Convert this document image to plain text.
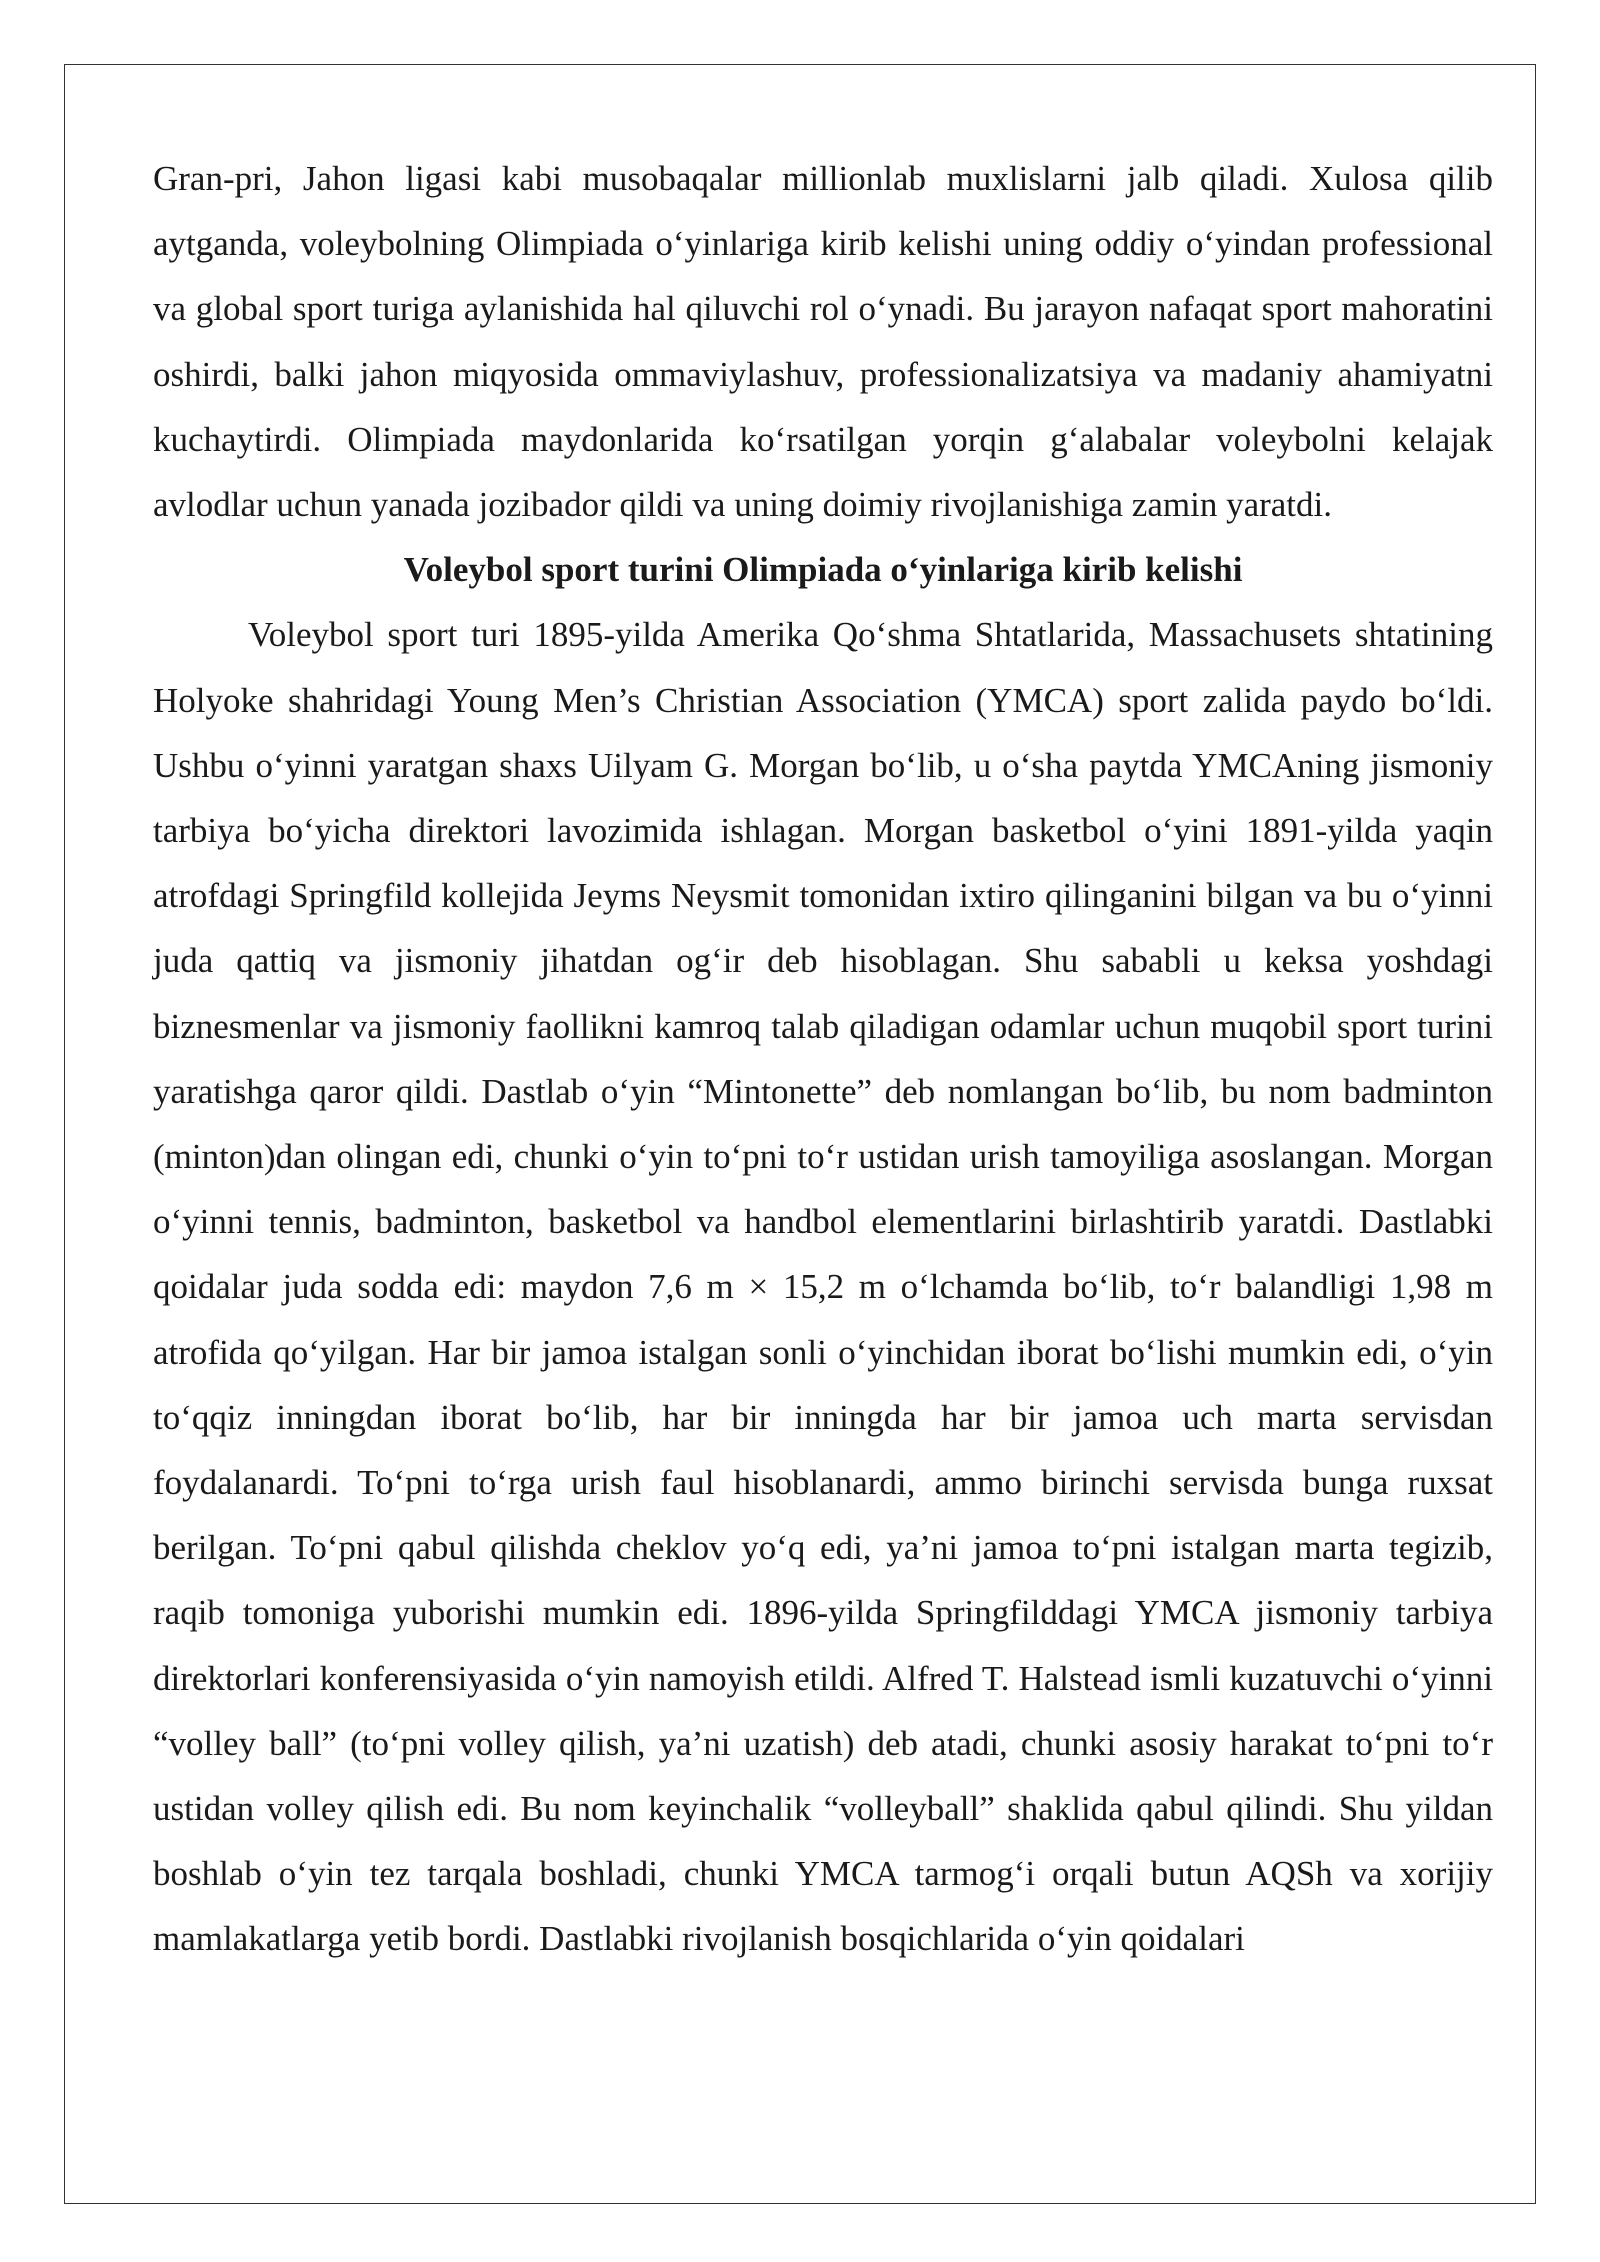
Gran-pri, Jahon ligasi kabi musobaqalar millionlab muxlislarni jalb qiladi. Xulosa qilib aytganda, voleybolning Olimpiada o‘yinlariga kirib kelishi uning oddiy o‘yindan professional va global sport turiga aylanishida hal qiluvchi rol o‘ynadi. Bu jarayon nafaqat sport mahoratini oshirdi, balki jahon miqyosida ommaviylashuv, professionalizatsiya va madaniy ahamiyatni kuchaytirdi. Olimpiada maydonlarida ko‘rsatilgan yorqin g‘alabalar voleybolni kelajak avlodlar uchun yanada jozibador qildi va uning doimiy rivojlanishiga zamin yaratdi.

Voleybol sport turini Olimpiada o‘yinlariga kirib kelishi

Voleybol sport turi 1895-yilda Amerika Qo‘shma Shtatlarida, Massachusets shtatining Holyoke shahridagi Young Men’s Christian Association (YMCA) sport zalida paydo bo‘ldi. Ushbu o‘yinni yaratgan shaxs Uilyam G. Morgan bo‘lib, u o‘sha paytda YMCAning jismoniy tarbiya bo‘yicha direktori lavozimida ishlagan. Morgan basketbol o‘yini 1891-yilda yaqin atrofdagi Springfild kollejida Jeyms Neysmit tomonidan ixtiro qilinganini bilgan va bu o‘yinni juda qattiq va jismoniy jihatdan og‘ir deb hisoblagan. Shu sababli u keksa yoshdagi biznesmenlar va jismoniy faollikni kamroq talab qiladigan odamlar uchun muqobil sport turini yaratishga qaror qildi. Dastlab o‘yin “Mintonette” deb nomlangan bo‘lib, bu nom badminton (minton)dan olingan edi, chunki o‘yin to‘pni to‘r ustidan urish tamoyiliga asoslangan. Morgan o‘yinni tennis, badminton, basketbol va handbol elementlarini birlashtirib yaratdi. Dastlabki qoidalar juda sodda edi: maydon 7,6 m × 15,2 m o‘lchamda bo‘lib, to‘r balandligi 1,98 m atrofida qo‘yilgan. Har bir jamoa istalgan sonli o‘yinchidan iborat bo‘lishi mumkin edi, o‘yin to‘qqiz inningdan iborat bo‘lib, har bir inningda har bir jamoa uch marta servisdan foydalanardi. To‘pni to‘rga urish faul hisoblanardi, ammo birinchi servisda bunga ruxsat berilgan. To‘pni qabul qilishda cheklov yo‘q edi, ya’ni jamoa to‘pni istalgan marta tegizib, raqib tomoniga yuborishi mumkin edi. 1896-yilda Springfilddagi YMCA jismoniy tarbiya direktorlari konferensiyasida o‘yin namoyish etildi. Alfred T. Halstead ismli kuzatuvchi o‘yinni “volley ball” (to‘pni volley qilish, ya’ni uzatish) deb atadi, chunki asosiy harakat to‘pni to‘r ustidan volley qilish edi. Bu nom keyinchalik “volleyball” shaklida qabul qilindi. Shu yildan boshlab o‘yin tez tarqala boshladi, chunki YMCA tarmog‘i orqali butun AQSh va xorijiy mamlakatlarga yetib bordi. Dastlabki rivojlanish bosqichlarida o‘yin qoidalari
